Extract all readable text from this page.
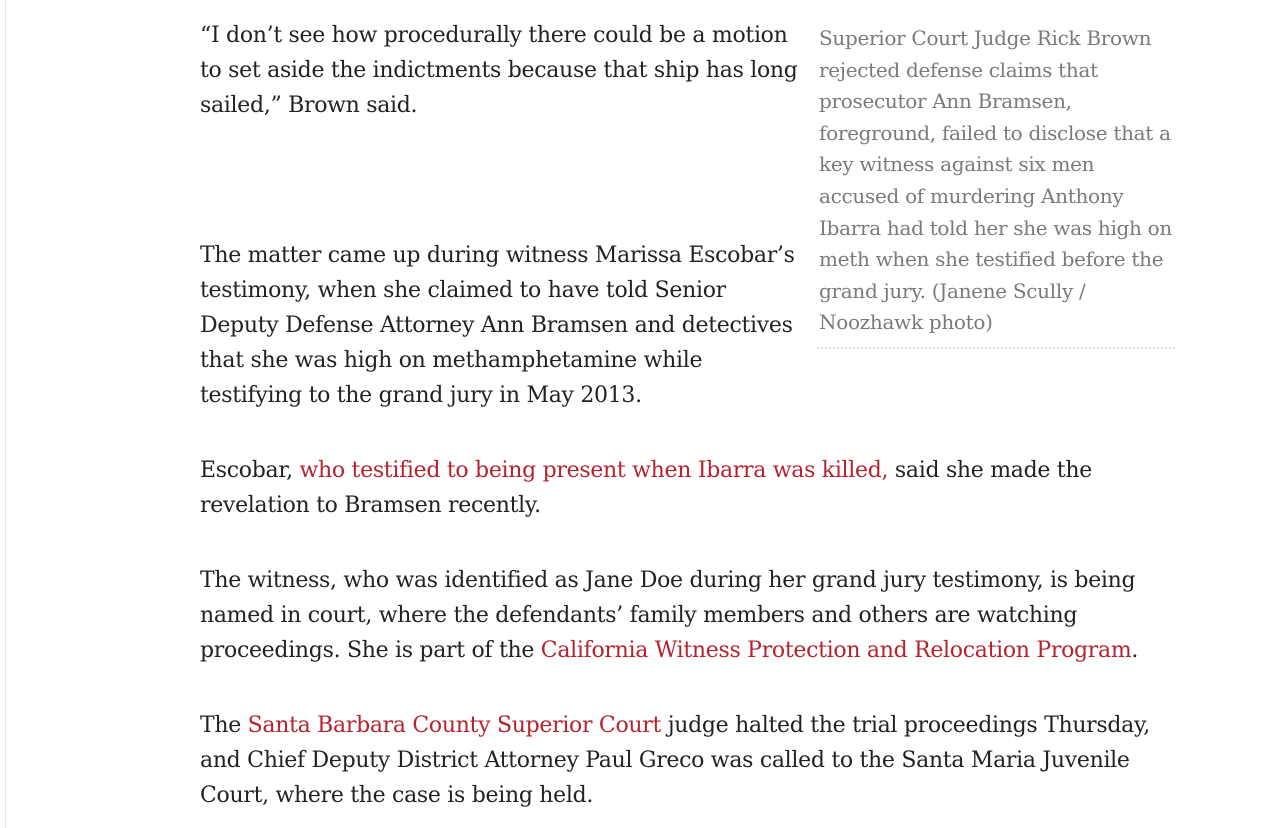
“I don’t see how procedurally there could be a motion to set aside the indictments because that ship has long sailed,” Brown said.

The matter came up during witness Marissa Escobar’s testimony, when she claimed to have told Senior Deputy Defense Attorney Ann Bramsen and detectives that she was high on methamphetamine while testifying to the grand jury in May 2013.

Escobar, who testified to being present when Ibarra was killed, said she made the revelation to Bramsen recently.

The witness, who was identified as Jane Doe during her grand jury testimony, is being named in court, where the defendants’ family members and others are watching proceedings. She is part of the California Witness Protection and Relocation Program.

The Santa Barbara County Superior Court judge halted the trial proceedings Thursday, and Chief Deputy District Attorney Paul Greco was called to the Santa Maria Juvenile Court, where the case is being held.

Superior Court Judge Rick Brown rejected defense claims that prosecutor Ann Bramsen, foreground, failed to disclose that a key witness against six men accused of murdering Anthony Ibarra had told her she was high on meth when she testified before the grand jury. (Janene Scully / Noozhawk photo)
